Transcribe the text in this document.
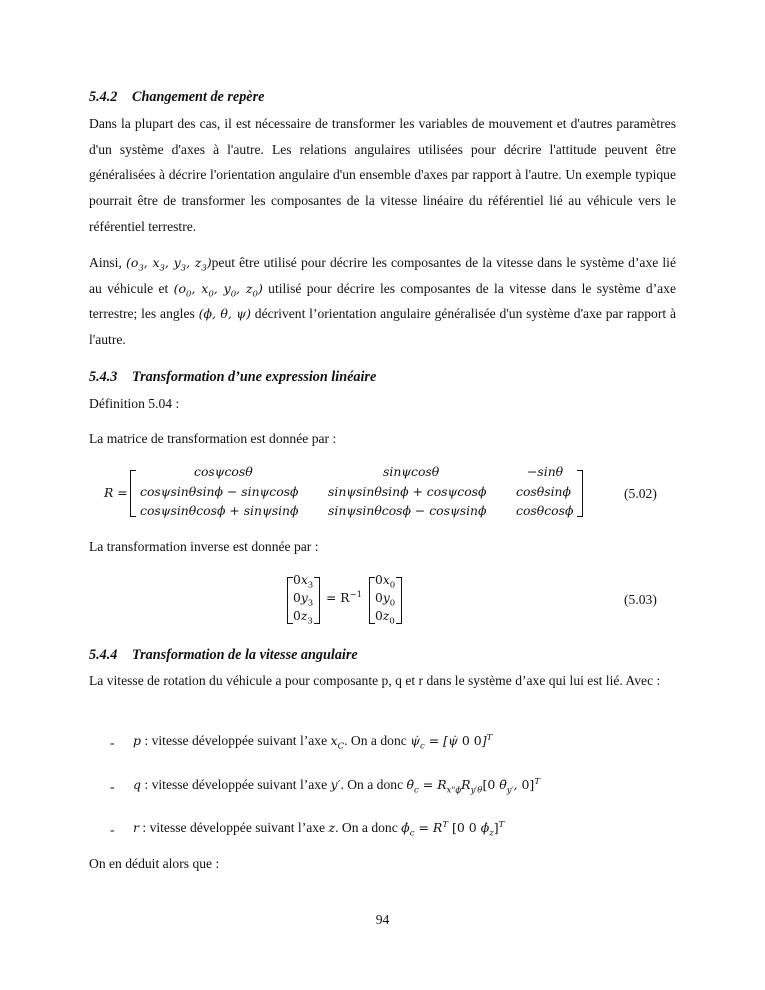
5.4.2 Changement de repère
Dans la plupart des cas, il est nécessaire de transformer les variables de mouvement et d'autres paramètres d'un système d'axes à l'autre. Les relations angulaires utilisées pour décrire l'attitude peuvent être généralisées à décrire l'orientation angulaire d'un ensemble d'axes par rapport à l'autre. Un exemple typique pourrait être de transformer les composantes de la vitesse linéaire du référentiel lié au véhicule vers le référentiel terrestre.
Ainsi, ($o_3$, $x_3$, $y_3$, $z_3)peut$ être utilisé pour décrire les composantes de la vitesse dans le système d’axe lié au véhicule et ($o_0$, $x_0$, $y_0$, $z_0$) utilisé pour décrire les composantes de la vitesse dans le système d’axe terrestre; les angles (ϕ, θ, ψ) décrivent l’orientation angulaire généralisée d'un système d'axe par rapport à l'autre.
5.4.3 Transformation d’une expression linéaire
Définition 5.04 :
La matrice de transformation est donnée par :
R =
cosψcosθ	sinψcosθ	−sinθ
cosψsinθsinϕ − sinψcosϕ sinψsinθsinϕ + cosψcosϕ cosθsinϕ
cosψsinθcosϕ + sinψsinϕ sinψsinθcosϕ − cosψsinϕ cosθcosϕ
(5.02)
La transformation inverse est donnée par :
$0x_3$
$0y_3$
$0z_3$
= $R^{-1}$
$0x_0$
$0y_0$
$0z_0$
(5.03)
5.4.4 Transformation de la vitesse angulaire
La vitesse de rotation du véhicule a pour composante p, q et r dans le système d’axe qui lui est lié. Avec :
- p : vitesse développée suivant l’axe $x_C$. On a donc $\psi̇_c$ = [ψ̇ 0 0]$^T$
- q : vitesse développée suivant l’axe y′. On a donc $\thetȧ_c = R_{x"\phi}R_{y'\theta}[0$ $\thetȧ_{y'}$, 0]$^T$
- r : vitesse développée suivant l’axe z. On a donc $\phi̇_c = R^T$ [0 0 $\phi̇_z]^T$
On en déduit alors que :
94
